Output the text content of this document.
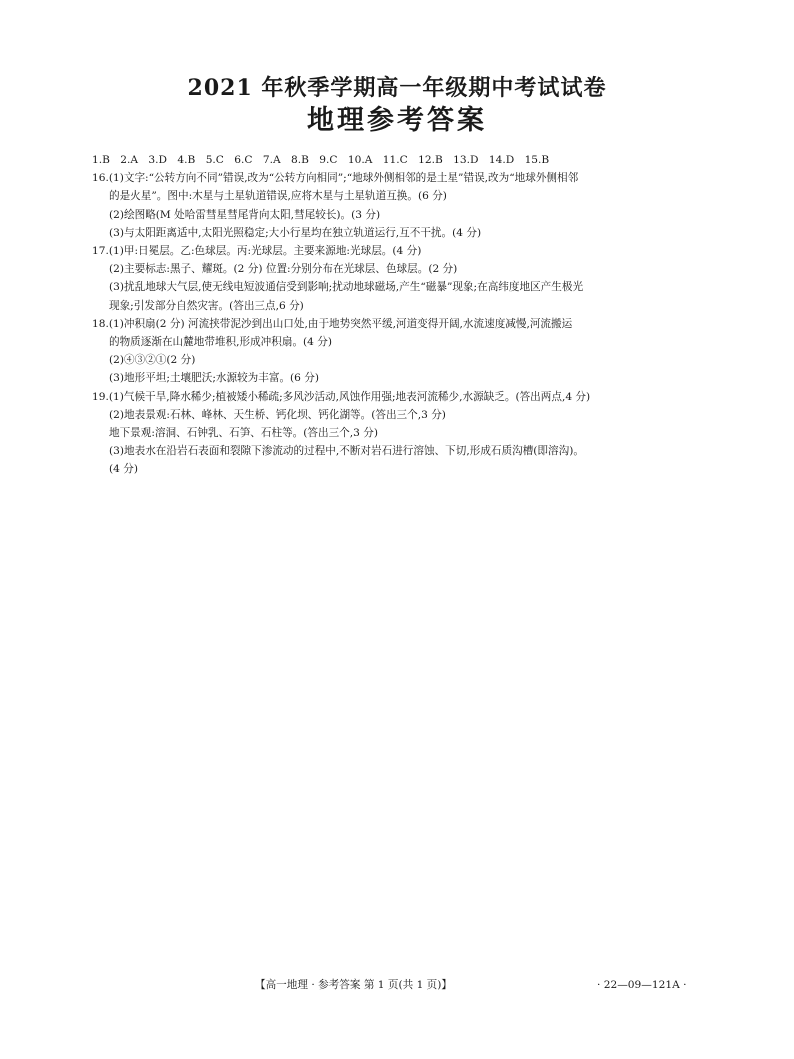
2021 年秋季学期高一年级期中考试试卷
地理参考答案
1.B 2.A 3.D 4.B 5.C 6.C 7.A 8.B 9.C 10.A 11.C 12.B 13.D 14.D 15.B
16.(1)文字:“公转方向不同”错误,改为“公转方向相同”;“地球外侧相邻的是土星”错误,改为“地球外侧相邻
的是火星”。图中:木星与土星轨道错误,应将木星与土星轨道互换。(6 分)
(2)绘图略(M 处哈雷彗星彗尾背向太阳,彗尾较长)。(3 分)
(3)与太阳距离适中,太阳光照稳定;大小行星均在独立轨道运行,互不干扰。(4 分)
17.(1)甲:日冕层。乙:色球层。丙:光球层。主要来源地:光球层。(4 分)
(2)主要标志:黑子、耀斑。(2 分) 位置:分别分布在光球层、色球层。(2 分)
(3)扰乱地球大气层,使无线电短波通信受到影响;扰动地球磁场,产生“磁暴”现象;在高纬度地区产生极光
现象;引发部分自然灾害。(答出三点,6 分)
18.(1)冲积扇(2 分) 河流挟带泥沙到出山口处,由于地势突然平缓,河道变得开阔,水流速度减慢,河流搬运
的物质逐渐在山麓地带堆积,形成冲积扇。(4 分)
(2)④③②①(2 分)
(3)地形平坦;土壤肥沃;水源较为丰富。(6 分)
19.(1)气候干旱,降水稀少;植被矮小稀疏;多风沙活动,风蚀作用强;地表河流稀少,水源缺乏。(答出两点,4 分)
(2)地表景观:石林、峰林、天生桥、钙化坝、钙化湖等。(答出三个,3 分)
地下景观:溶洞、石钟乳、石笋、石柱等。(答出三个,3 分)
(3)地表水在沿岩石表面和裂隙下渗流动的过程中,不断对岩石进行溶蚀、下切,形成石质沟槽(即溶沟)。
(4 分)
【高一地理 · 参考答案 第 1 页(共 1 页)】	· 22—09—121A ·
